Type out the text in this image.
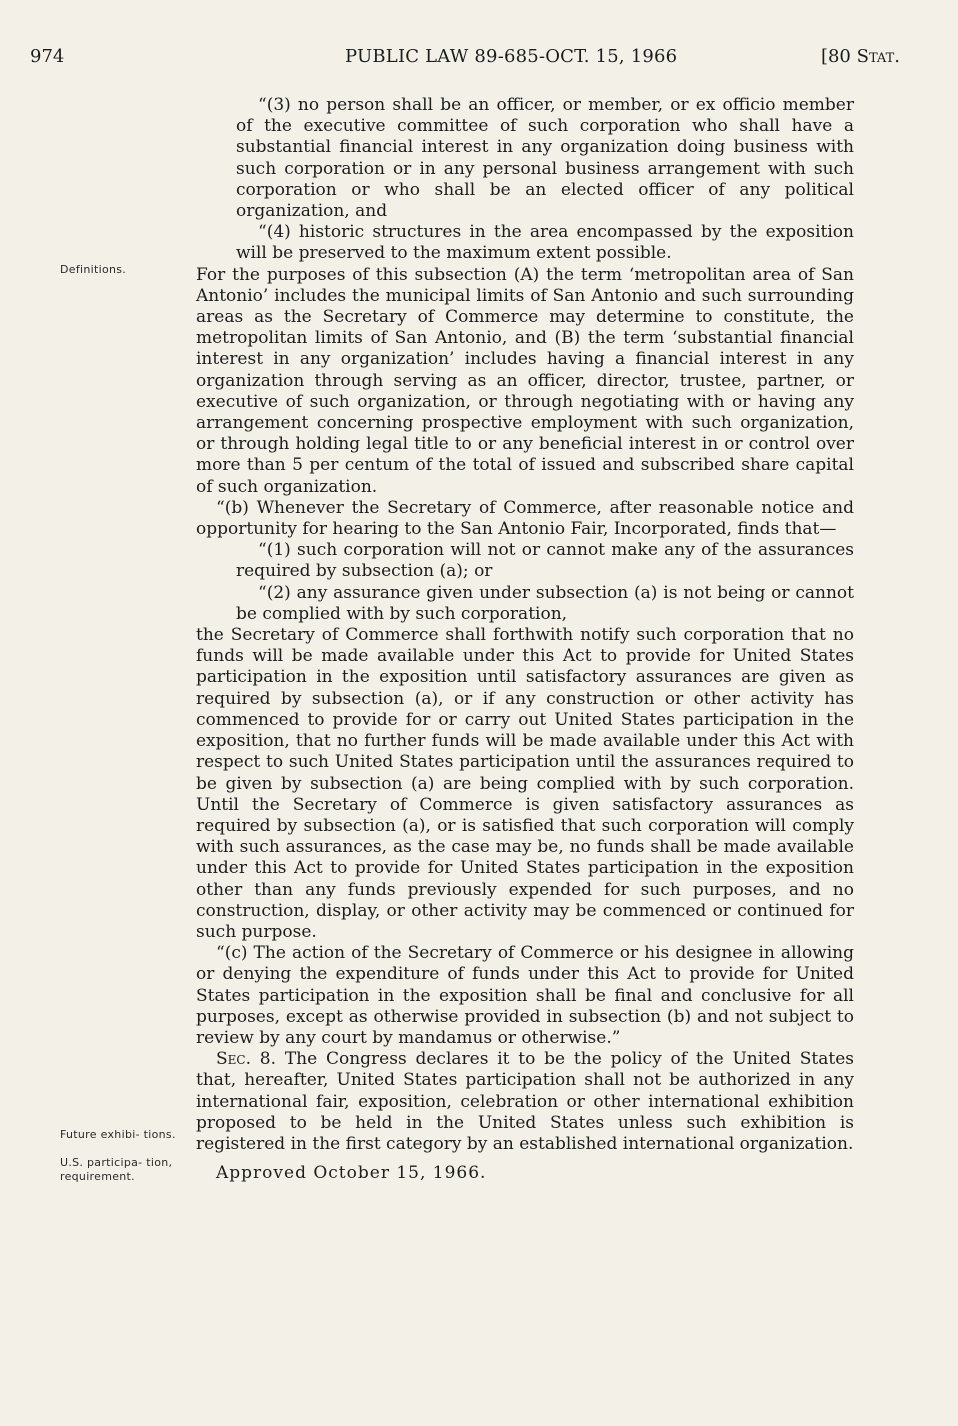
974	PUBLIC LAW 89-685-OCT. 15, 1966	[80 Stat.
Definitions.
Future exhibi- tions.
U.S. participa- tion, requirement.

“(3) no person shall be an officer, or member, or ex officio member of the executive committee of such corporation who shall have a substantial financial interest in any organization doing business with such corporation or in any personal business arrangement with such corporation or who shall be an elected officer of any political organization, and

“(4) historic structures in the area encompassed by the exposition will be preserved to the maximum extent possible.

For the purposes of this subsection (A) the term ‘metropolitan area of San Antonio’ includes the municipal limits of San Antonio and such surrounding areas as the Secretary of Commerce may determine to constitute, the metropolitan limits of San Antonio, and (B) the term ‘substantial financial interest in any organization’ includes having a financial interest in any organization through serving as an officer, director, trustee, partner, or executive of such organization, or through negotiating with or having any arrangement concerning prospective employment with such organization, or through holding legal title to or any beneficial interest in or control over more than 5 per centum of the total of issued and subscribed share capital of such organization.

“(b) Whenever the Secretary of Commerce, after reasonable notice and opportunity for hearing to the San Antonio Fair, Incorporated, finds that—

“(1) such corporation will not or cannot make any of the assurances required by subsection (a); or

“(2) any assurance given under subsection (a) is not being or cannot be complied with by such corporation,

the Secretary of Commerce shall forthwith notify such corporation that no funds will be made available under this Act to provide for United States participation in the exposition until satisfactory assurances are given as required by subsection (a), or if any construction or other activity has commenced to provide for or carry out United States participation in the exposition, that no further funds will be made available under this Act with respect to such United States participation until the assurances required to be given by subsection (a) are being complied with by such corporation. Until the Secretary of Commerce is given satisfactory assurances as required by subsection (a), or is satisfied that such corporation will comply with such assurances, as the case may be, no funds shall be made available under this Act to provide for United States participation in the exposition other than any funds previously expended for such purposes, and no construction, display, or other activity may be commenced or continued for such purpose.

“(c) The action of the Secretary of Commerce or his designee in allowing or denying the expenditure of funds under this Act to provide for United States participation in the exposition shall be final and conclusive for all purposes, except as otherwise provided in subsection (b) and not subject to review by any court by mandamus or otherwise.”

Sec. 8. The Congress declares it to be the policy of the United States that, hereafter, United States participation shall not be authorized in any international fair, exposition, celebration or other international exhibition proposed to be held in the United States unless such exhibition is registered in the first category by an established international organization.

Approved October 15, 1966.
